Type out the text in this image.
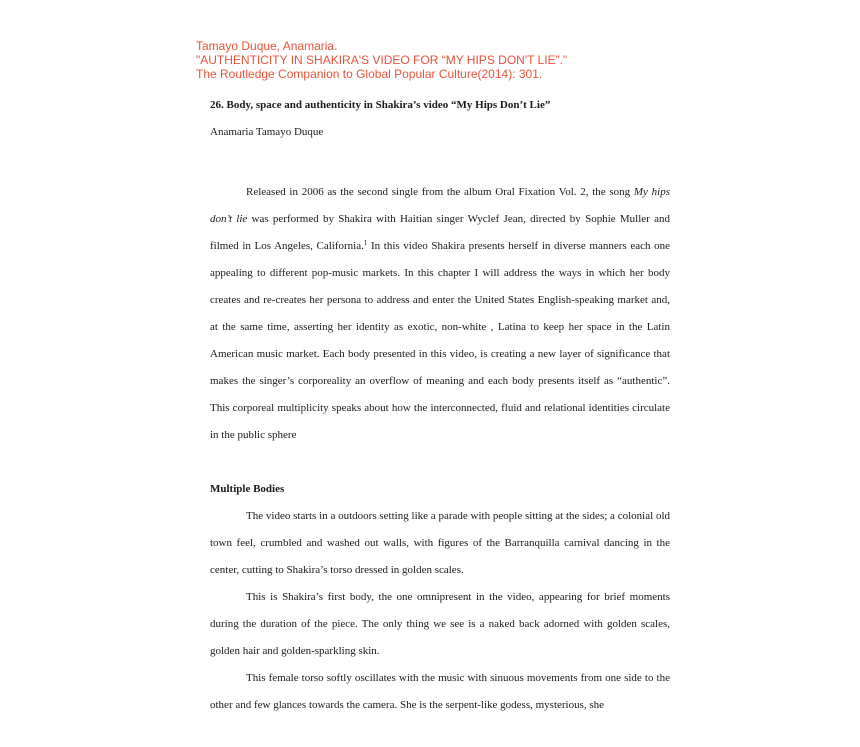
Tamayo Duque, Anamaria.
"AUTHENTICITY IN SHAKIRA'S VIDEO FOR “MY HIPS DON'T LIE”."
The Routledge Companion to Global Popular Culture(2014): 301.

26. Body, space and authenticity in Shakira’s video “My Hips Don’t Lie”

Anamaria Tamayo Duque

Released in 2006 as the second single from the album Oral Fixation Vol. 2, the song My hips don’t lie was performed by Shakira with Haitian singer Wyclef Jean, directed by Sophie Muller and filmed in Los Angeles, California.$^1$ In this video Shakira presents herself in diverse manners each one appealing to different pop-music markets. In this chapter I will address the ways in which her body creates and re-creates her persona to address and enter the United States English-speaking market and, at the same time, asserting her identity as exotic, non-white , Latina to keep her space in the Latin American music market. Each body presented in this video, is creating a new layer of significance that makes the singer’s corporeality an overflow of meaning and each body presents itself as “authentic”. This corporeal multiplicity speaks about how the interconnected, fluid and relational identities circulate in the public sphere

Multiple Bodies

The video starts in a outdoors setting like a parade with people sitting at the sides; a colonial old town feel, crumbled and washed out walls, with figures of the Barranquilla carnival dancing in the center, cutting to Shakira’s torso dressed in golden scales.

This is Shakira’s first body, the one omnipresent in the video, appearing for brief moments during the duration of the piece. The only thing we see is a naked back adorned with golden scales, golden hair and golden-sparkling skin.

This female torso softly oscillates with the music with sinuous movements from one side to the other and few glances towards the camera. She is the serpent-like godess, mysterious, she
